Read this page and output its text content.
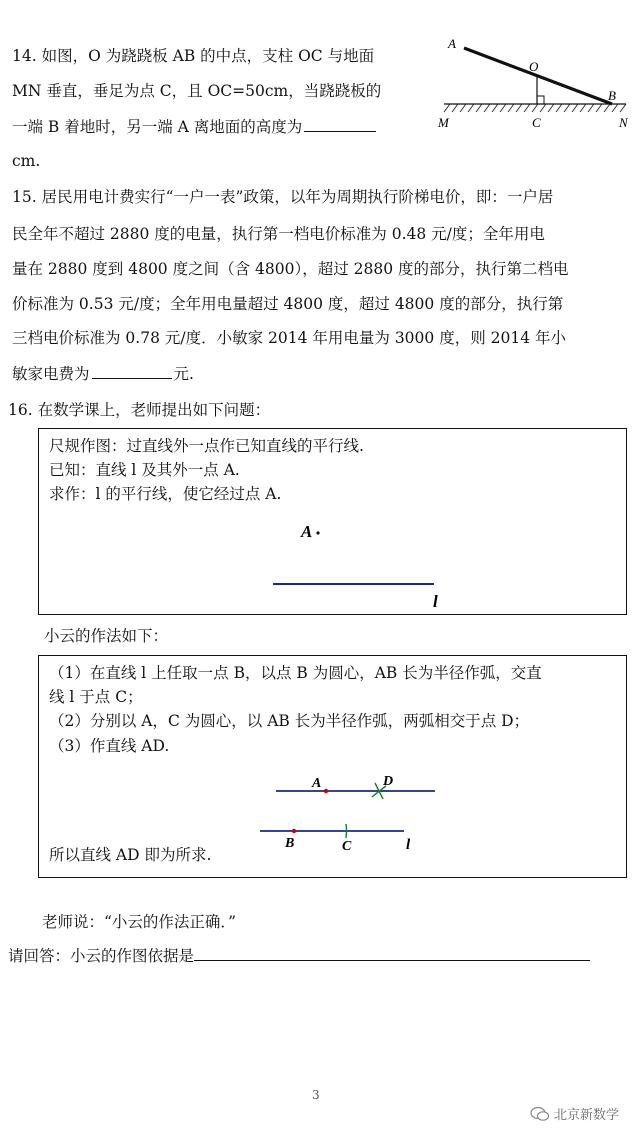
14. 如图，O 为跷跷板 AB 的中点，支柱 OC 与地面
MN 垂直，垂足为点 C，且 OC=50cm，当跷跷板的
一端 B 着地时，另一端 A 离地面的高度为
cm.
A
O
B
M	C	N
15. 居民用电计费实行“一户一表”政策，以年为周期执行阶梯电价，即：一户居
民全年不超过 2880 度的电量，执行第一档电价标准为 0.48 元/度；全年用电
量在 2880 度到 4800 度之间（含 4800），超过 2880 度的部分，执行第二档电
价标准为 0.53 元/度；全年用电量超过 4800 度，超过 4800 度的部分，执行第
三档电价标准为 0.78 元/度．小敏家 2014 年用电量为 3000 度，则 2014 年小
敏家电费为	元.
16. 在数学课上，老师提出如下问题：
尺规作图：过直线外一点作已知直线的平行线.
已知：直线 l 及其外一点 A.
求作：l 的平行线，使它经过点 A.
A
l
小云的作法如下：
（1）在直线 l 上任取一点 B，以点 B 为圆心，AB 长为半径作弧，交直
线 l 于点 C；
（2）分别以 A，C 为圆心，以 AB 长为半径作弧，两弧相交于点 D；
（3）作直线 AD.
所以直线 AD 即为所求.
A	D
B	C	l
老师说：“小云的作法正确．”
请回答：小云的作图依据是
3
北京新数学
